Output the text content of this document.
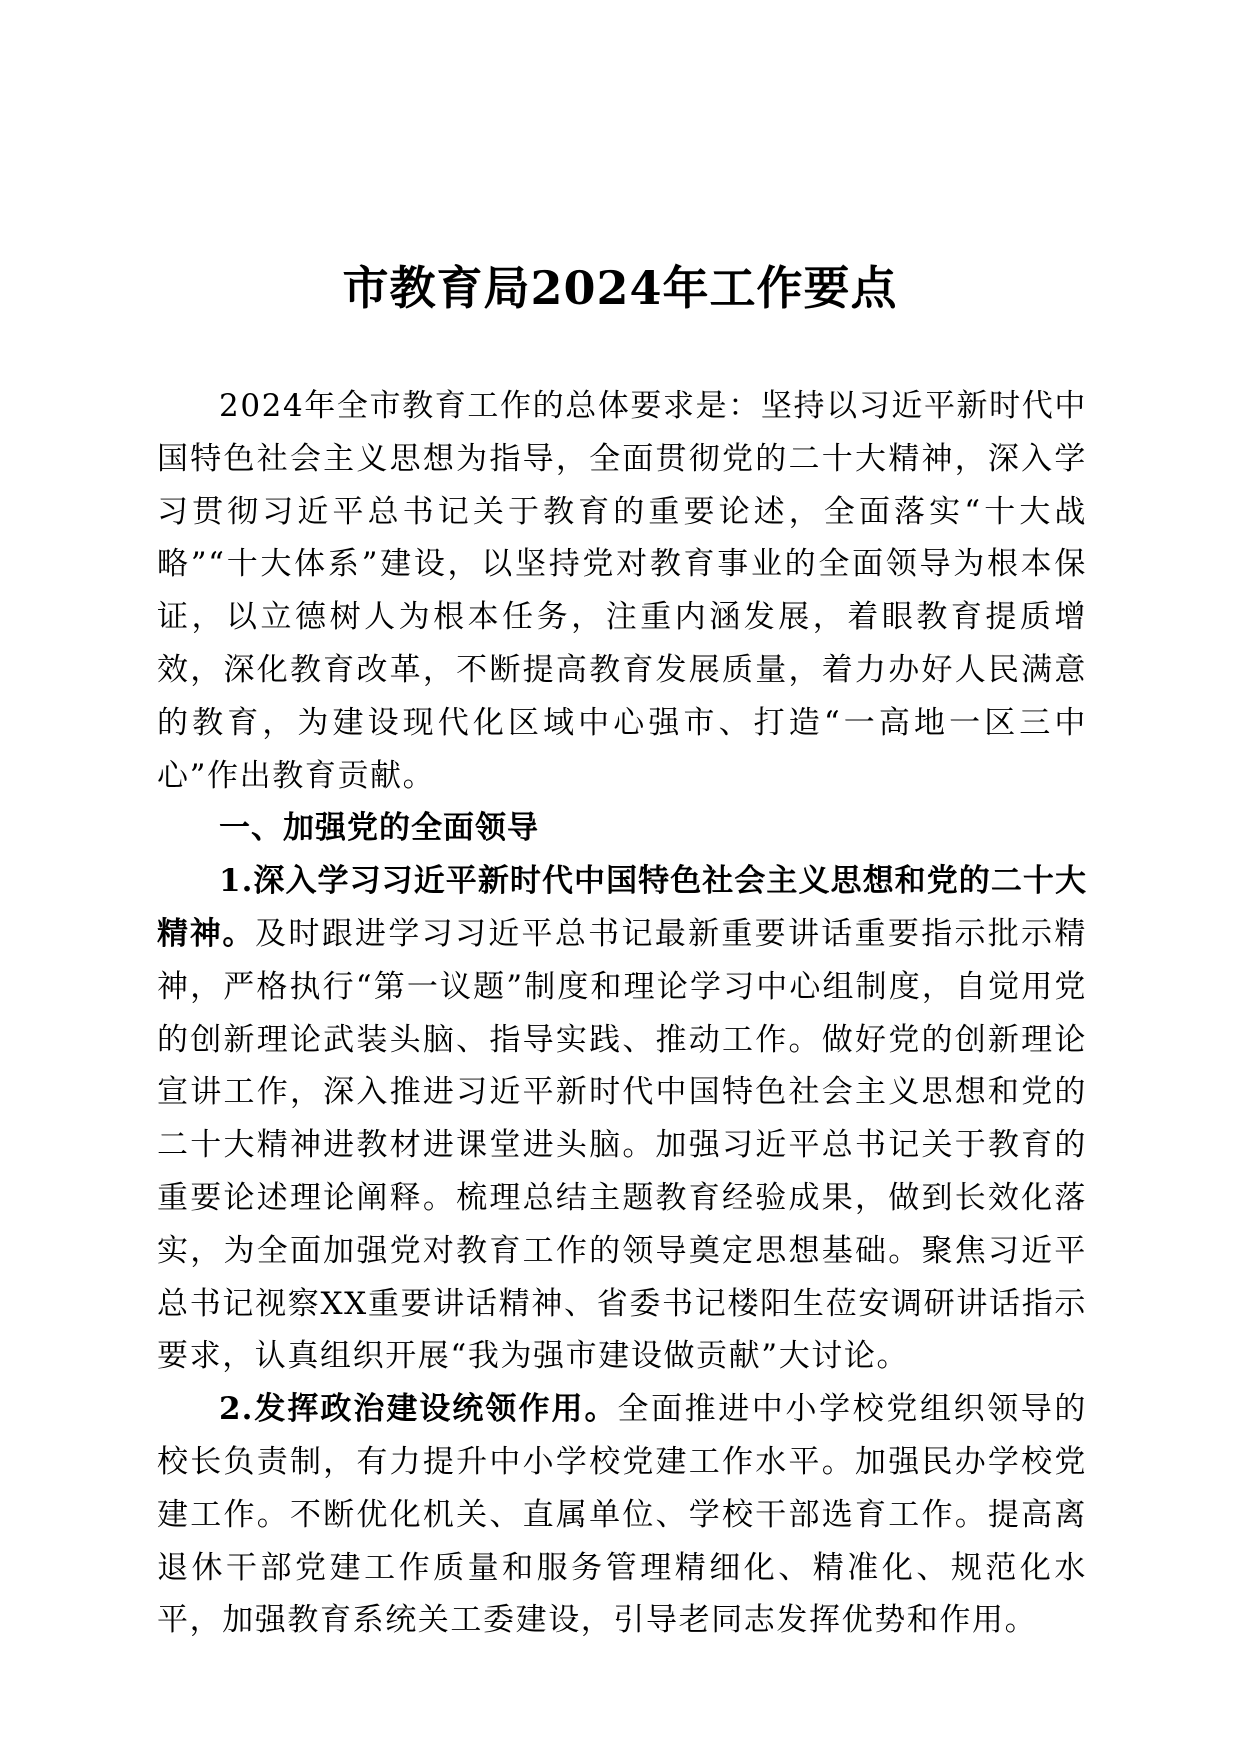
市教育局2024年工作要点

2024年全市教育工作的总体要求是：坚持以习近平新时代中国特色社会主义思想为指导，全面贯彻党的二十大精神，深入学习贯彻习近平总书记关于教育的重要论述，全面落实“十大战略”“十大体系”建设，以坚持党对教育事业的全面领导为根本保证，以立德树人为根本任务，注重内涵发展，着眼教育提质增效，深化教育改革，不断提高教育发展质量，着力办好人民满意的教育，为建设现代化区域中心强市、打造“一高地一区三中心”作出教育贡献。

一、加强党的全面领导

1.深入学习习近平新时代中国特色社会主义思想和党的二十大精神。及时跟进学习习近平总书记最新重要讲话重要指示批示精神，严格执行“第一议题”制度和理论学习中心组制度，自觉用党的创新理论武装头脑、指导实践、推动工作。做好党的创新理论宣讲工作，深入推进习近平新时代中国特色社会主义思想和党的二十大精神进教材进课堂进头脑。加强习近平总书记关于教育的重要论述理论阐释。梳理总结主题教育经验成果，做到长效化落实，为全面加强党对教育工作的领导奠定思想基础。聚焦习近平总书记视察XX重要讲话精神、省委书记楼阳生莅安调研讲话指示要求，认真组织开展“我为强市建设做贡献”大讨论。

2.发挥政治建设统领作用。全面推进中小学校党组织领导的校长负责制，有力提升中小学校党建工作水平。加强民办学校党建工作。不断优化机关、直属单位、学校干部选育工作。提高离退休干部党建工作质量和服务管理精细化、精准化、规范化水平，加强教育系统关工委建设，引导老同志发挥优势和作用。
